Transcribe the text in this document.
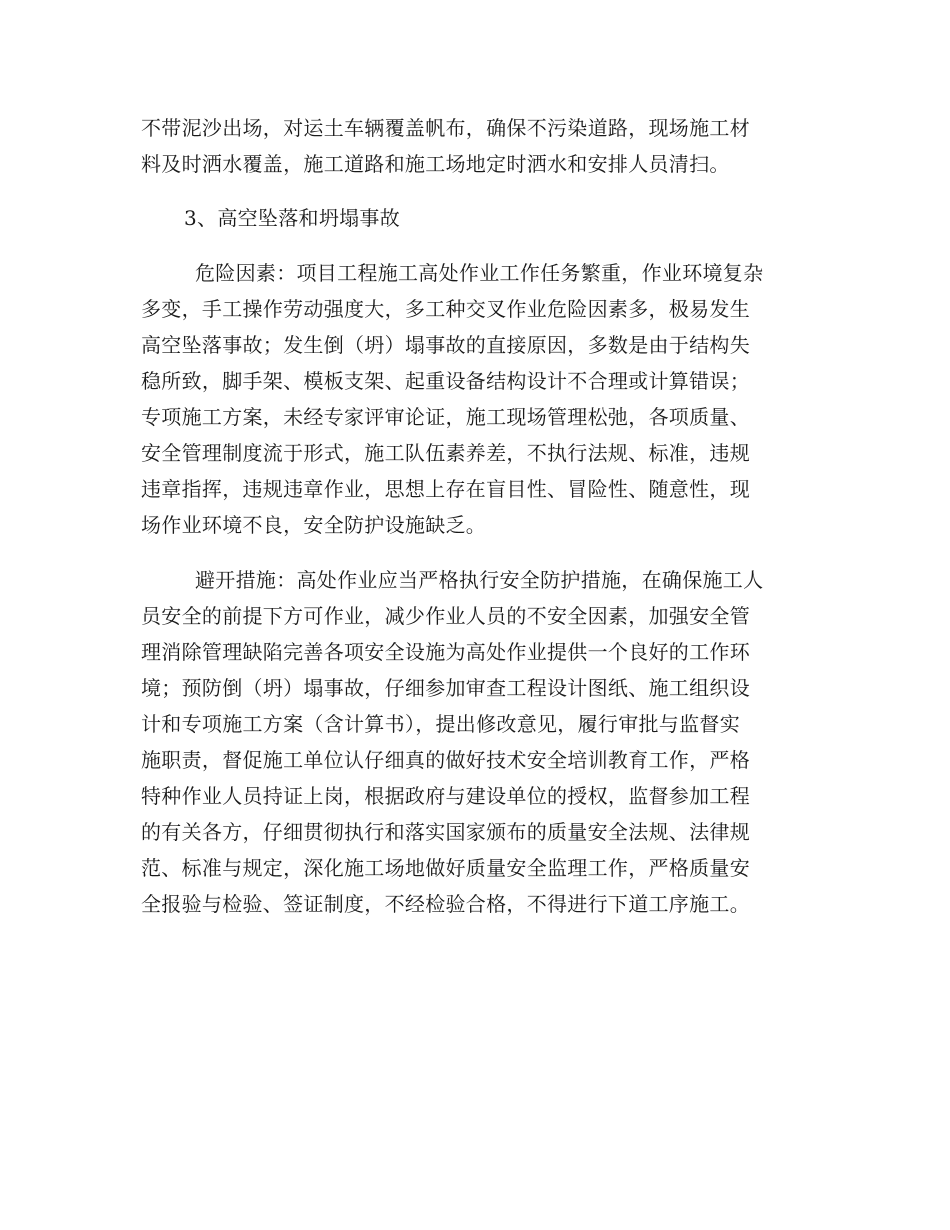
不带泥沙出场，对运土车辆覆盖帆布，确保不污染道路，现场施工材
料及时洒水覆盖，施工道路和施工场地定时洒水和安排人员清扫。
3、高空坠落和坍塌事故
危险因素：项目工程施工高处作业工作任务繁重，作业环境复杂
多变，手工操作劳动强度大，多工种交叉作业危险因素多，极易发生
高空坠落事故；发生倒（坍）塌事故的直接原因，多数是由于结构失
稳所致，脚手架、模板支架、起重设备结构设计不合理或计算错误；
专项施工方案，未经专家评审论证，施工现场管理松弛，各项质量、
安全管理制度流于形式，施工队伍素养差，不执行法规、标准，违规
违章指挥，违规违章作业，思想上存在盲目性、冒险性、随意性，现
场作业环境不良，安全防护设施缺乏。
避开措施：高处作业应当严格执行安全防护措施，在确保施工人
员安全的前提下方可作业，减少作业人员的不安全因素，加强安全管
理消除管理缺陷完善各项安全设施为高处作业提供一个良好的工作环
境；预防倒（坍）塌事故，仔细参加审查工程设计图纸、施工组织设
计和专项施工方案（含计算书），提出修改意见，履行审批与监督实
施职责，督促施工单位认仔细真的做好技术安全培训教育工作，严格
特种作业人员持证上岗，根据政府与建设单位的授权，监督参加工程
的有关各方，仔细贯彻执行和落实国家颁布的质量安全法规、法律规
范、标准与规定，深化施工场地做好质量安全监理工作，严格质量安
全报验与检验、签证制度，不经检验合格，不得进行下道工序施工。
